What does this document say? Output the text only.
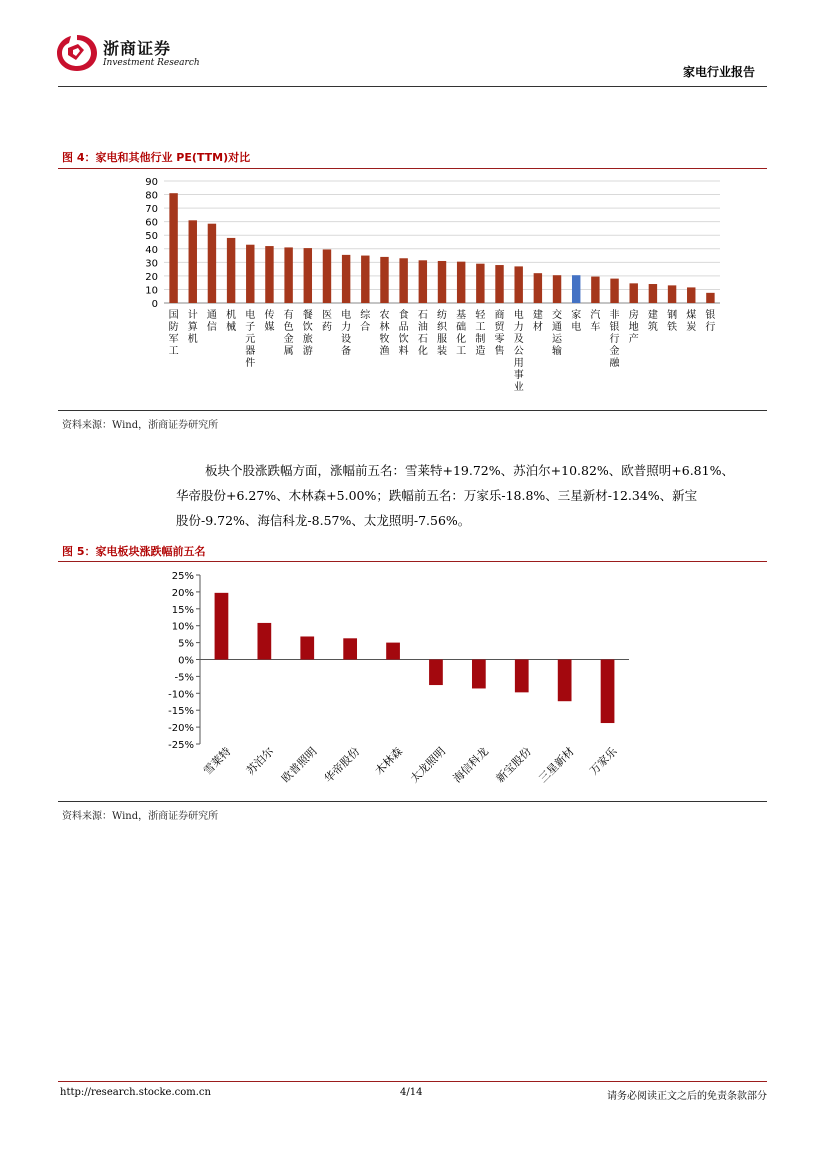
浙商证券
Investment Research
家电行业报告
图 4：家电和其他行业 PE(TTM)对比
0
10
20
30
40
50
60
70
80
90
国防军工
计算机
通信
机械
电子元器件
传媒
有色金属
餐饮旅游
医药
电力设备
综合
农林牧渔
食品饮料
石油石化
纺织服装
基础化工
轻工制造
商贸零售
电力及公用事业
建材
交通运输
家电
汽车
非银行金融
房地产
建筑
钢铁
煤炭
银行
资料来源：Wind，浙商证券研究所
板块个股涨跌幅方面，涨幅前五名：雪莱特+19.72%、苏泊尔+10.82%、欧普照明+6.81%、
华帝股份+6.27%、木林森+5.00%；跌幅前五名：万家乐-18.8%、三星新材-12.34%、新宝
股份-9.72%、海信科龙-8.57%、太龙照明-7.56%。
图 5：家电板块涨跌幅前五名
-25%
-20%
-15%
-10%
-5%
0%
5%
10%
15%
20%
25%
雪莱特 苏泊尔 欧普照明 华帝股份 木林森 太龙照明 海信科龙 新宝股份 三星新材 万家乐
资料来源：Wind，浙商证券研究所
http://research.stocke.com.cn	4/14	请务必阅读正文之后的免责条款部分
